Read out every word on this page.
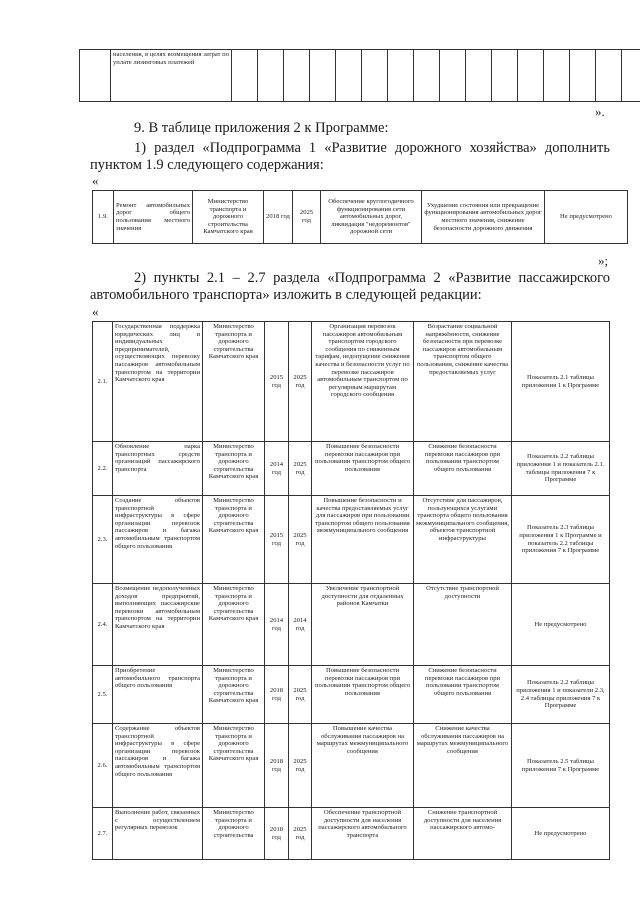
	населения, в целях возмещения затрат по уплате лизинговых платежей																
».
9. В таблице приложения 2 к Программе:
1) раздел «Подпрограмма 1 «Развитие дорожного хозяйства» дополнить пунктом 1.9 следующего содержания:
«
1.9.	Ремонт автомобильных дорог общего пользования местного значения	Министерство транспорта и дорожного строительства Камчатского края	2018 год	2025 год	Обеспечение круглогодичного функционирования сети автомобильных дорог, ликвидация "недоремонтов" дорожной сети	Ухудшение состояния или прекращение функционирования автомобильных дорог местного значения, снижение безопасности дорожного движения	Не предусмотрено
»;
2) пункты 2.1 – 2.7 раздела «Подпрограмма 2 «Развитие пассажирского автомобильного транспорта» изложить в следующей редакции:
«
2.1.	Государственная поддержка юридических лиц и индивидуальных предпринимателей, осуществляющих перевозку пассажиров автомобильным транспортом на территории Камчатского края	Министерство транспорта и дорожного строительства Камчатского края	2015 год	2025 год	Организация перевозок пассажиров автомобильным транспортом городского сообщения по сниженным тарифам, недопущение снижения качества и безопасности услуг по перевозке пассажиров автомобильным транспортом по регулярным маршрутам городского сообщения	Возрастание социальной напряжённости, снижение безопасности при перевозке пассажиров автомобильным транспортом общего пользования, снижение качества предоставляемых услуг	Показатель 2.1 таблицы приложения 1 к Программе
2.2.	Обновление парка транспортных средств организаций пассажирского транспорта	Министерство транспорта и дорожного строительства Камчатского края	2014 год	2025 год	Повышение безопасности перевозки пассажиров при пользовании транспортом общего пользования	Снижение безопасности перевозки пассажиров при пользовании транспортом общего пользования	Показатель 2.2 таблицы приложения 1 и показатель 2.1. таблицы приложения 7 к Программе
2.3.	Создание объектов транспортной инфраструктуры в сфере организации перевозок пассажиров и багажа автомобильным транспортом общего пользования	Министерство транспорта и дорожного строительства Камчатского края	2015 год	2025 год	Повышение безопасности и качества предоставляемых услуг для пассажиров при пользовании транспортом общего пользования межмуниципального сообщения	Отсутствие для пассажиров, пользующихся услугами транспорта общего пользования межмуниципального сообщения, объектов транспортной инфраструктуры	Показатель 2.3 таблицы приложения 1 к Программе и показатель 2.2 таблицы приложения 7 к Программе
2.4.	Возмещение недополученных доходов предприятий, выполняющих пассажирские перевозки автомобильным транспортом на территории Камчатского края	Министерство транспорта и дорожного строительства Камчатского края	2014 год	2014 год	Увеличение транспортной доступности для отдаленных районов Камчатки	Отсутствие транспортной доступности	Не предусмотрено
2.5.	Приобретение автомобильного транспорта общего пользования	Министерство транспорта и дорожного строительства Камчатского края	2018 год	2025 год	Повышение безопасности перевозки пассажиров при пользовании транспортом общего пользования	Снижение безопасности перевозки пассажиров при пользовании транспортом общего пользования	Показатель 2.2 таблицы приложения 1 и показатели 2.3, 2.4 таблицы приложения 7 к Программе
2.6.	Содержание объектов транспортной инфраструктуры в сфере организации перевозок пассажиров и багажа автомобильным транспортом общего пользования	Министерство транспорта и дорожного строительства Камчатского края	2018 год	2025 год	Повышение качества обслуживания пассажиров на маршрутах межмуниципального сообщения	Снижение качества обслуживания пассажиров на маршрутах межмуниципального сообщения	Показатель 2.5 таблицы приложения 7 к Программе
2.7.	Выполнение работ, связанных с осуществлением регулярных перевозок	Министерство транспорта и дорожного строительства	2018 год	2025 год	Обеспечение транспортной доступности для населения пассажирского автомобильного транспорта	Снижение транспортной доступности для населения пассажирского автомо-	Не предусмотрено
